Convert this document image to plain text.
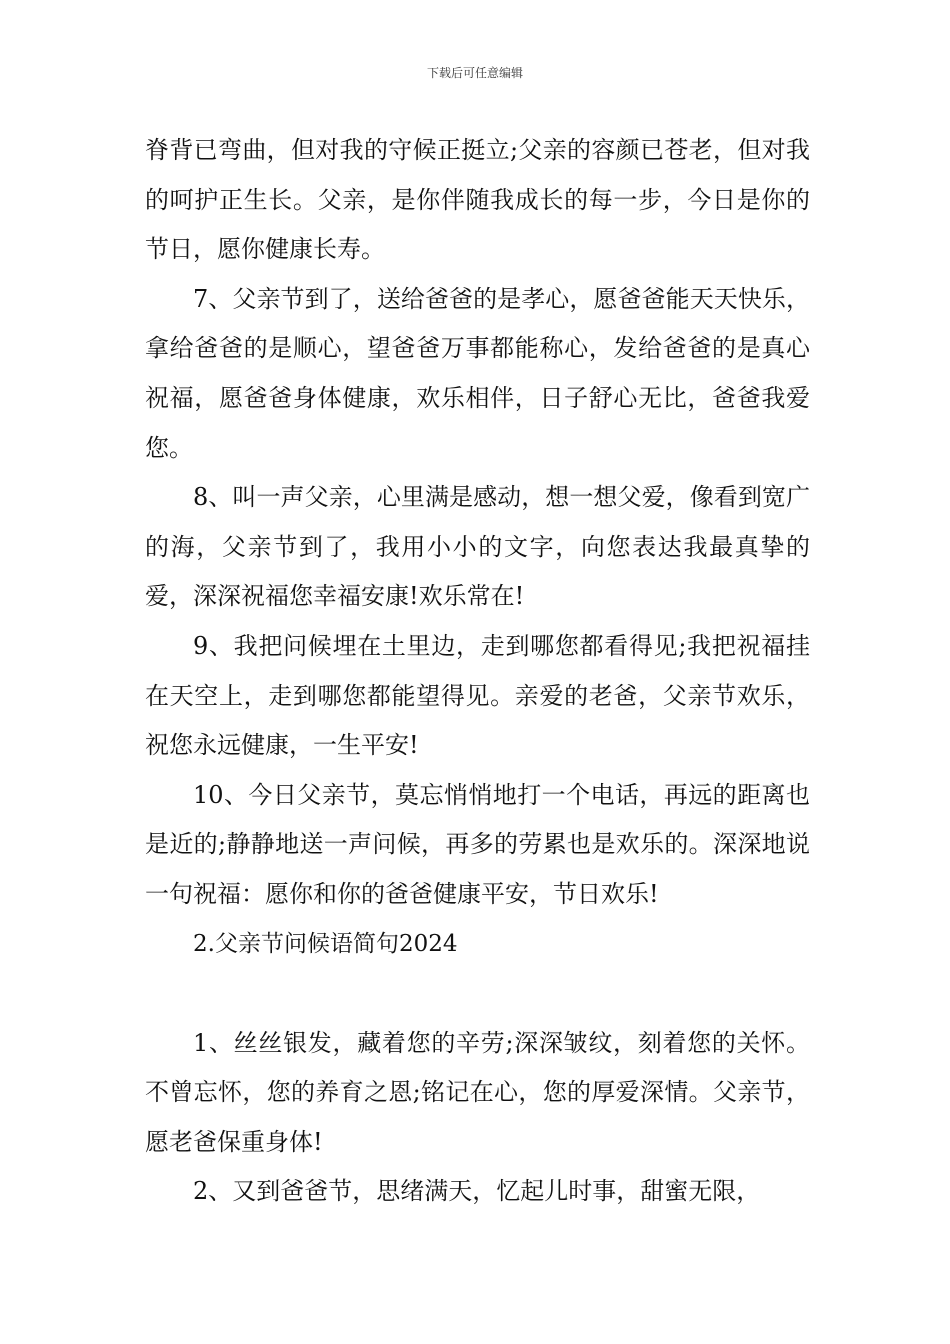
下载后可任意编辑

脊背已弯曲，但对我的守候正挺立;父亲的容颜已苍老，但对我的呵护正生长。父亲，是你伴随我成长的每一步，今日是你的节日，愿你健康长寿。

7、父亲节到了，送给爸爸的是孝心，愿爸爸能天天快乐，拿给爸爸的是顺心，望爸爸万事都能称心，发给爸爸的是真心祝福，愿爸爸身体健康，欢乐相伴，日子舒心无比，爸爸我爱您。

8、叫一声父亲，心里满是感动，想一想父爱，像看到宽广的海，父亲节到了，我用小小的文字，向您表达我最真挚的爱，深深祝福您幸福安康!欢乐常在!

9、我把问候埋在土里边，走到哪您都看得见;我把祝福挂在天空上，走到哪您都能望得见。亲爱的老爸，父亲节欢乐，祝您永远健康，一生平安!

10、今日父亲节，莫忘悄悄地打一个电话，再远的距离也是近的;静静地送一声问候，再多的劳累也是欢乐的。深深地说一句祝福：愿你和你的爸爸健康平安，节日欢乐!

2.父亲节问候语简句2024

1、丝丝银发，藏着您的辛劳;深深皱纹，刻着您的关怀。不曾忘怀，您的养育之恩;铭记在心，您的厚爱深情。父亲节，愿老爸保重身体!

2、又到爸爸节，思绪满天，忆起儿时事，甜蜜无限，
